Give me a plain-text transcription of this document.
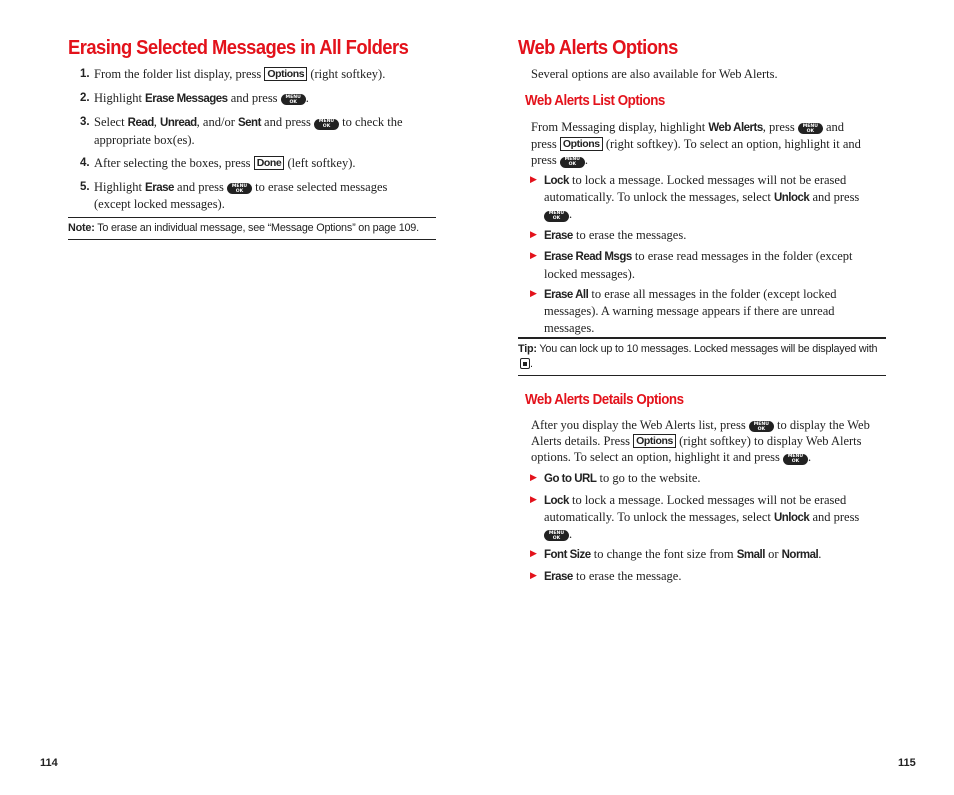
Erasing Selected Messages in All Folders
1. From the folder list display, press Options (right softkey).
2. Highlight Erase Messages and press	MENU
OK .
3. Select Read, Unread, and/or Sent and press	MENU
OK to check the appropriate box(es).
4. After selecting the boxes, press Done (left softkey).
5. Highlight Erase and press	MENU
OK to erase selected messages (except locked messages).
Note: To erase an individual message, see “Message Options” on page 109.
114
Web Alerts Options

Several options are also available for Web Alerts.

Web Alerts List Options

From Messaging display, highlight Web Alerts, press	MENU
OK and press Options (right softkey). To select an option, highlight it and press	MENU
OK .

▶ Lock to lock a message. Locked messages will not be erased automatically. To unlock the messages, select Unlock and press
MENU
OK .
▶ Erase to erase the messages.
▶ Erase Read Msgs to erase read messages in the folder (except locked messages).
▶ Erase All to erase all messages in the folder (except locked messages). A warning message appears if there are unread messages.
Tip: You can lock up to 10 messages. Locked messages will be displayed with .
Web Alerts Details Options

After you display the Web Alerts list, press	MENU
OK to display the Web Alerts details. Press Options (right softkey) to display Web Alerts options. To select an option, highlight it and press	MENU
OK .

▶ Go to URL to go to the website.
▶ Lock to lock a message. Locked messages will not be erased automatically. To unlock the messages, select Unlock and press
MENU
OK .
▶ Font Size to change the font size from Small or Normal.
▶ Erase to erase the message.
115
